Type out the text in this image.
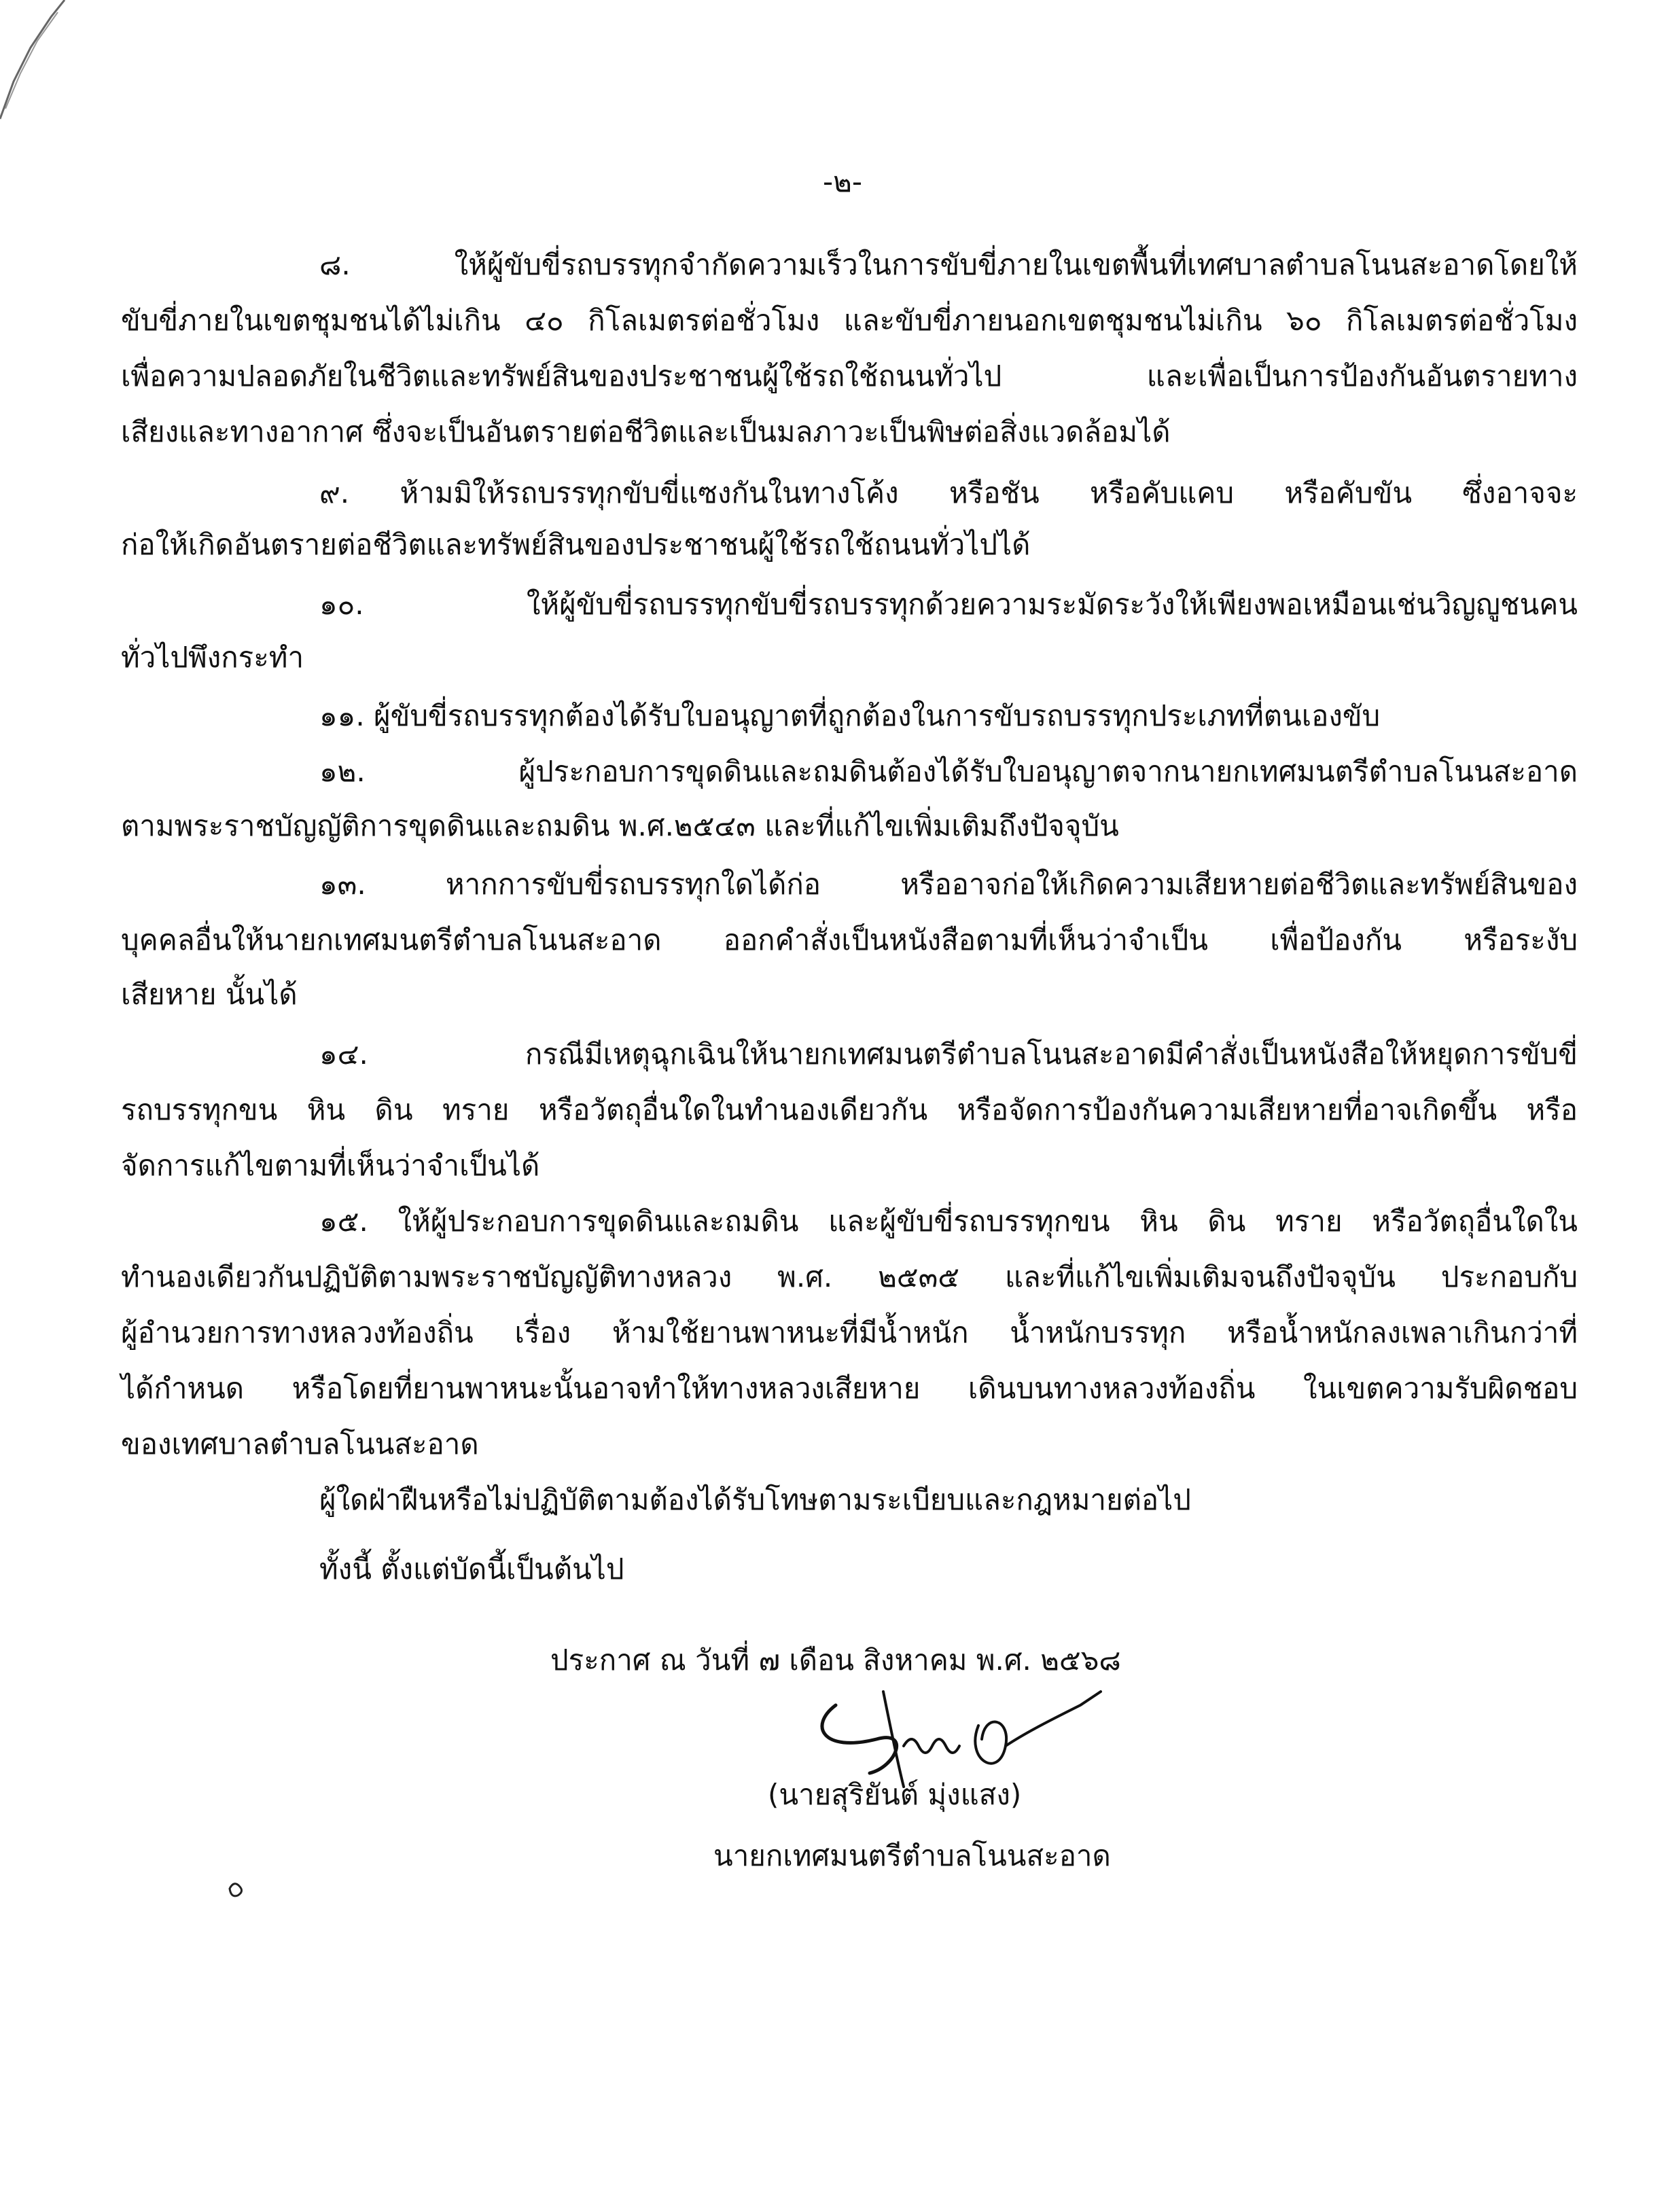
-๒-
๘. ให้ผู้ขับขี่รถบรรทุกจำกัดความเร็วในการขับขี่ภายในเขตพื้นที่เทศบาลตำบลโนนสะอาดโดยให้
ขับขี่ภายในเขตชุมชนได้ไม่เกิน ๔๐ กิโลเมตรต่อชั่วโมง และขับขี่ภายนอกเขตชุมชนไม่เกิน ๖๐ กิโลเมตรต่อชั่วโมง
เพื่อความปลอดภัยในชีวิตและทรัพย์สินของประชาชนผู้ใช้รถใช้ถนนทั่วไป และเพื่อเป็นการป้องกันอันตรายทาง
เสียงและทางอากาศ ซึ่งจะเป็นอันตรายต่อชีวิตและเป็นมลภาวะเป็นพิษต่อสิ่งแวดล้อมได้
๙. ห้ามมิให้รถบรรทุกขับขี่แซงกันในทางโค้ง หรือชัน หรือคับแคบ หรือคับขัน ซึ่งอาจจะ
ก่อให้เกิดอันตรายต่อชีวิตและทรัพย์สินของประชาชนผู้ใช้รถใช้ถนนทั่วไปได้
๑๐. ให้ผู้ขับขี่รถบรรทุกขับขี่รถบรรทุกด้วยความระมัดระวังให้เพียงพอเหมือนเช่นวิญญูชนคน
ทั่วไปพึงกระทำ
๑๑. ผู้ขับขี่รถบรรทุกต้องได้รับใบอนุญาตที่ถูกต้องในการขับรถบรรทุกประเภทที่ตนเองขับ
๑๒. ผู้ประกอบการขุดดินและถมดินต้องได้รับใบอนุญาตจากนายกเทศมนตรีตำบลโนนสะอาด
ตามพระราชบัญญัติการขุดดินและถมดิน พ.ศ.๒๕๔๓ และที่แก้ไขเพิ่มเติมถึงปัจจุบัน
๑๓. หากการขับขี่รถบรรทุกใดได้ก่อ หรืออาจก่อให้เกิดความเสียหายต่อชีวิตและทรัพย์สินของ
บุคคลอื่นให้นายกเทศมนตรีตำบลโนนสะอาด ออกคำสั่งเป็นหนังสือตามที่เห็นว่าจำเป็น เพื่อป้องกัน หรือระงับ
เสียหาย นั้นได้
๑๔. กรณีมีเหตุฉุกเฉินให้นายกเทศมนตรีตำบลโนนสะอาดมีคำสั่งเป็นหนังสือให้หยุดการขับขี่
รถบรรทุกขน หิน ดิน ทราย หรือวัตถุอื่นใดในทำนองเดียวกัน หรือจัดการป้องกันความเสียหายที่อาจเกิดขึ้น หรือ
จัดการแก้ไขตามที่เห็นว่าจำเป็นได้
๑๕. ให้ผู้ประกอบการขุดดินและถมดิน และผู้ขับขี่รถบรรทุกขน หิน ดิน ทราย หรือวัตถุอื่นใดใน
ทำนองเดียวกันปฏิบัติตามพระราชบัญญัติทางหลวง พ.ศ. ๒๕๓๕ และที่แก้ไขเพิ่มเติมจนถึงปัจจุบัน ประกอบกับ
ผู้อำนวยการทางหลวงท้องถิ่น เรื่อง ห้ามใช้ยานพาหนะที่มีน้ำหนัก น้ำหนักบรรทุก หรือน้ำหนักลงเพลาเกินกว่าที่
ได้กำหนด หรือโดยที่ยานพาหนะนั้นอาจทำให้ทางหลวงเสียหาย เดินบนทางหลวงท้องถิ่น ในเขตความรับผิดชอบ
ของเทศบาลตำบลโนนสะอาด
ผู้ใดฝ่าฝืนหรือไม่ปฏิบัติตามต้องได้รับโทษตามระเบียบและกฎหมายต่อไป
ทั้งนี้ ตั้งแต่บัดนี้เป็นต้นไป
ประกาศ ณ วันที่ ๗ เดือน สิงหาคม พ.ศ. ๒๕๖๘
(นายสุริยันต์ มุ่งแสง)
นายกเทศมนตรีตำบลโนนสะอาด
